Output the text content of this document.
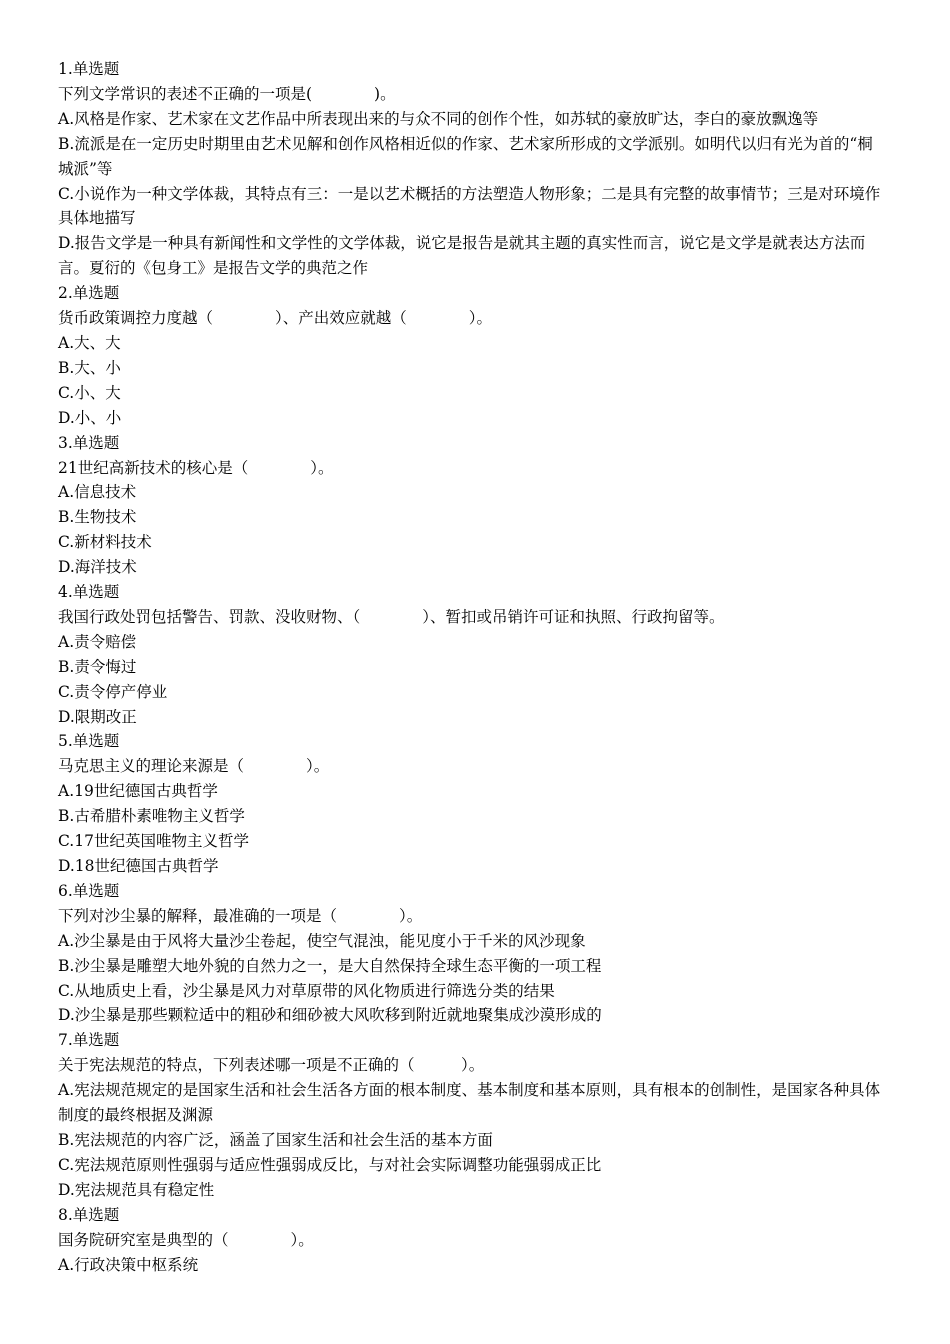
1.单选题
下列文学常识的表述不正确的一项是(　　　　)。
A.风格是作家、艺术家在文艺作品中所表现出来的与众不同的创作个性，如苏轼的豪放旷达，李白的豪放飘逸等
B.流派是在一定历史时期里由艺术见解和创作风格相近似的作家、艺术家所形成的文学派别。如明代以归有光为首的“桐城派”等
C.小说作为一种文学体裁，其特点有三：一是以艺术概括的方法塑造人物形象；二是具有完整的故事情节；三是对环境作具体地描写
D.报告文学是一种具有新闻性和文学性的文学体裁，说它是报告是就其主题的真实性而言，说它是文学是就表达方法而言。夏衍的《包身工》是报告文学的典范之作
2.单选题
货币政策调控力度越（　　　　）、产出效应就越（　　　　）。
A.大、大
B.大、小
C.小、大
D.小、小
3.单选题
21世纪高新技术的核心是（　　　　）。
A.信息技术
B.生物技术
C.新材料技术
D.海洋技术
4.单选题
我国行政处罚包括警告、罚款、没收财物、（　　　　）、暂扣或吊销许可证和执照、行政拘留等。
A.责令赔偿
B.责令悔过
C.责令停产停业
D.限期改正
5.单选题
马克思主义的理论来源是（　　　　）。
A.19世纪德国古典哲学
B.古希腊朴素唯物主义哲学
C.17世纪英国唯物主义哲学
D.18世纪德国古典哲学
6.单选题
下列对沙尘暴的解释，最准确的一项是（　　　　）。
A.沙尘暴是由于风将大量沙尘卷起，使空气混浊，能见度小于千米的风沙现象
B.沙尘暴是雕塑大地外貌的自然力之一，是大自然保持全球生态平衡的一项工程
C.从地质史上看，沙尘暴是风力对草原带的风化物质进行筛选分类的结果
D.沙尘暴是那些颗粒适中的粗砂和细砂被大风吹移到附近就地聚集成沙漠形成的
7.单选题
关于宪法规范的特点，下列表述哪一项是不正确的（　　　）。
A.宪法规范规定的是国家生活和社会生活各方面的根本制度、基本制度和基本原则，具有根本的创制性，是国家各种具体制度的最终根据及渊源
B.宪法规范的内容广泛，涵盖了国家生活和社会生活的基本方面
C.宪法规范原则性强弱与适应性强弱成反比，与对社会实际调整功能强弱成正比
D.宪法规范具有稳定性
8.单选题
国务院研究室是典型的（　　　　）。
A.行政决策中枢系统
